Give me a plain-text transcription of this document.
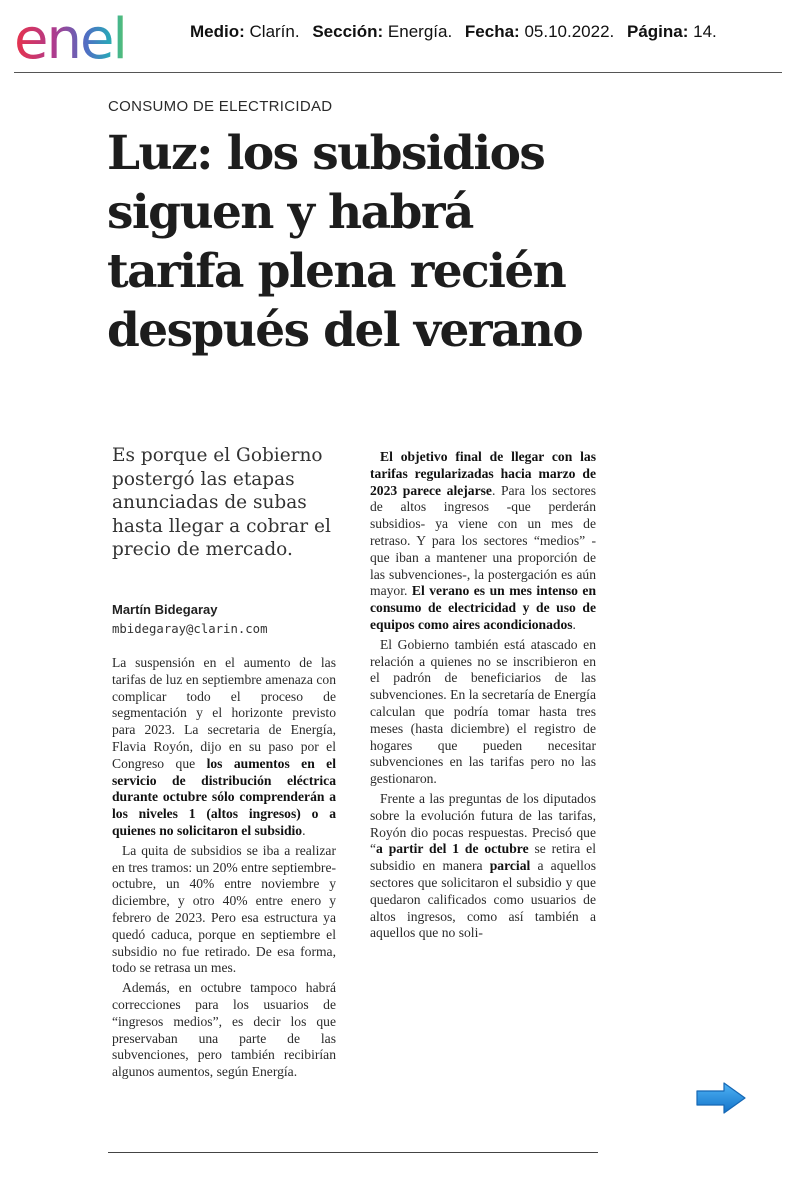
enel	Medio: Clarín. Sección: Energía. Fecha: 05.10.2022. Página: 14.
CONSUMO DE ELECTRICIDAD
Luz: los subsidios siguen y habrá tarifa plena recién después del verano
Es porque el Gobierno postergó las etapas anunciadas de subas hasta llegar a cobrar el precio de mercado.
Martín Bidegaray
mbidegaray@clarin.com

La suspensión en el aumento de las tarifas de luz en septiembre amenaza con complicar todo el proceso de segmentación y el horizonte previsto para 2023. La secretaria de Energía, Flavia Royón, dijo en su paso por el Congreso que los aumentos en el servicio de distribución eléctrica durante octubre sólo comprenderán a los niveles 1 (altos ingresos) o a quienes no solicitaron el subsidio.

La quita de subsidios se iba a realizar en tres tramos: un 20% entre septiembre-octubre, un 40% entre noviembre y diciembre, y otro 40% entre enero y febrero de 2023. Pero esa estructura ya quedó caduca, porque en septiembre el subsidio no fue retirado. De esa forma, todo se retrasa un mes.

Además, en octubre tampoco habrá correcciones para los usuarios de “ingresos medios”, es decir los que preservaban una parte de las subvenciones, pero también recibirían algunos aumentos, según Energía.

El objetivo final de llegar con las tarifas regularizadas hacia marzo de 2023 parece alejarse. Para los sectores de altos ingresos -que perderán subsidios- ya viene con un mes de retraso. Y para los sectores “medios” -que iban a mantener una proporción de las subvenciones-, la postergación es aún mayor. El verano es un mes intenso en consumo de electricidad y de uso de equipos como aires acondicionados.

El Gobierno también está atascado en relación a quienes no se inscribieron en el padrón de beneficiarios de las subvenciones. En la secretaría de Energía calculan que podría tomar hasta tres meses (hasta diciembre) el registro de hogares que pueden necesitar subvenciones en las tarifas pero no las gestionaron.

Frente a las preguntas de los diputados sobre la evolución futura de las tarifas, Royón dio pocas respuestas. Precisó que “a partir del 1 de octubre se retira el subsidio en manera parcial a aquellos sectores que solicitaron el subsidio y que quedaron calificados como usuarios de altos ingresos, como así también a aquellos que no soli-
